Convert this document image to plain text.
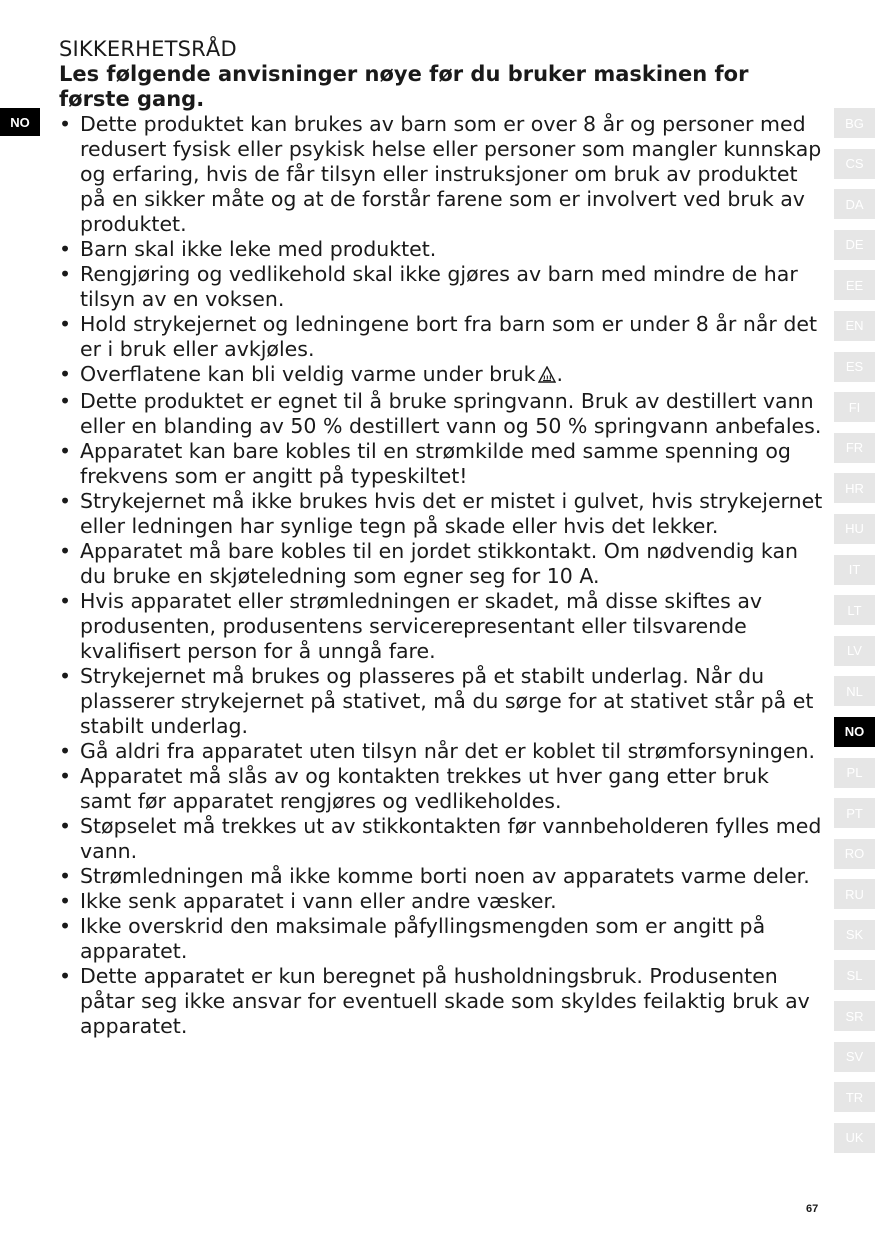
NO
SIKKERHETSRÅD

Les følgende anvisninger nøye før du bruker maskinen for første gang.

• Dette produktet kan brukes av barn som er over 8 år og personer med redusert fysisk eller psykisk helse eller personer som mangler kunnskap og erfaring, hvis de får tilsyn eller instruksjoner om bruk av produktet på en sikker måte og at de forstår farene som er involvert ved bruk av produktet.
• Barn skal ikke leke med produktet.
• Rengjøring og vedlikehold skal ikke gjøres av barn med mindre de har tilsyn av en voksen.
• Hold strykejernet og ledningene bort fra barn som er under 8 år når det er i bruk eller avkjøles.
• Overflatene kan bli veldig varme under bruk .
• Dette produktet er egnet til å bruke springvann. Bruk av destillert vann eller en blanding av 50 % destillert vann og 50 % springvann anbefales.
• Apparatet kan bare kobles til en strømkilde med samme spenning og frekvens som er angitt på typeskiltet!
• Strykejernet må ikke brukes hvis det er mistet i gulvet, hvis strykejernet eller ledningen har synlige tegn på skade eller hvis det lekker.
• Apparatet må bare kobles til en jordet stikkontakt. Om nødvendig kan du bruke en skjøteledning som egner seg for 10 A.
• Hvis apparatet eller strømledningen er skadet, må disse skiftes av produsenten, produsentens servicerepresentant eller tilsvarende kvalifisert person for å unngå fare.
• Strykejernet må brukes og plasseres på et stabilt underlag. Når du plasserer strykejernet på stativet, må du sørge for at stativet står på et stabilt underlag.
• Gå aldri fra apparatet uten tilsyn når det er koblet til strømforsyningen.
• Apparatet må slås av og kontakten trekkes ut hver gang etter bruk samt før apparatet rengjøres og vedlikeholdes.
• Støpselet må trekkes ut av stikkontakten før vannbeholderen fylles med vann.
• Strømledningen må ikke komme borti noen av apparatets varme deler.
• Ikke senk apparatet i vann eller andre væsker.
• Ikke overskrid den maksimale påfyllingsmengden som er angitt på apparatet.
• Dette apparatet er kun beregnet på husholdningsbruk. Produsenten påtar seg ikke ansvar for eventuell skade som skyldes feilaktig bruk av apparatet.
BG
CS
DA
DE
EE
EN
ES
FI
FR
HR
HU
IT
LT
LV
NL
NO
PL
PT
RO
RU
SK
SL
SR
SV
TR
UK
67
